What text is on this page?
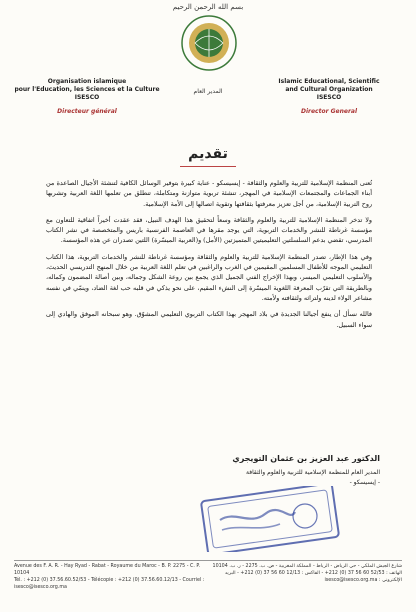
بسم الله الرحمن الرحيم
Organisation islamique
pour l'Education, les Sciences et la Culture
ISESCO
Directeur général
المدير العام
Islamic Educational, Scientific
and Cultural Organization
ISESCO
Director General
تقديم

تُعنى المنظمة الإسلامية للتربية والعلوم والثقافة - إيسيسكو - عناية كبيرة بتوفير الوسائل الكافية لتنشئة الأجيال الصاعدة من أبناء الجماعات والمجتمعات الإسلامية في المهجر، تنشئة تربوية متوازنة ومتكاملة، تنطلق من تعلمها اللغة العربية وتشربها روح التربية الإسلامية، من أجل تعزيز معرفتها بثقافتها وتقوية اتصالها إلى الأمة الإسلامية.

ولا تدخر المنظمة الإسلامية للتربية والعلوم والثقافة وسعاً لتحقيق هذا الهدف النبيل، فقد عقدت أخيراً اتفاقية للتعاون مع مؤسسة غرناطة للنشر والخدمات التربوية، التي يوجد مقرها في العاصمة الفرنسية باريس والمتخصصة في نشر الكتاب المدرسي، تقضي بدعم السلسلتين التعليميتين المتميزتين (الأمل) و(العربية الميسّرة) اللتين تصدران عن هذه المؤسسة.

وفي هذا الإطار، تصدر المنظمة الإسلامية للتربية والعلوم والثقافة ومؤسسة غرناطة للنشر والخدمات التربوية، هذا الكتاب التعليمي الموجه للأطفال المسلمين المقيمين في الغرب والراغبين في تعلم اللغة العربية من خلال المنهج التدريسي الحديث، والأسلوب التعليمي الميسر، وبهذا الإخراج الفني الجميل الذي يجمع بين روعة الشكل وجماله، وبين أصالة المضمون وكماله، وبالطريقة التي تقرّب المعرفة اللغوية الميسّرة إلى النشء المقيم، على نحو يذكي في قلبه حب لغة الضاد، وينمّي في نفسه مشاعر الولاء لدينه ولتراثه ولثقافته ولأمته.

فالله نسأل أن ينفع أجيالنا الجديدة في بلاد المهجر بهذا الكتاب التربوي التعليمي المشوّق. وهو سبحانه الموفق والهادي إلى سواء السبيل.

الدكتور عبد العزيز بن عثمان التويجري
المدير العام للمنظمة الإسلامية للتربية والعلوم والثقافة
- إيسيسكو -
Avenue des F. A. R. - Hay Ryad - Rabat - Royaume du Maroc - B. P. 2275 - C. P. 10104
Tél. : +212 (0) 37.56.60.52/53 - Télécopie : +212 (0) 37.56.60.12/13 - Courriel : isesco@isesco.org.ma
شارع الجيش الملكي - حي الرياض - الرباط - المملكة المغربية - ص. ب. 2275 - ر. ب. 10104
الهاتف : 52/53 60 56 37 (0) 212+ - الفاكس : 12/13 60 56 37 (0) 212+ - البريد الإلكتروني : isesco@isesco.org.ma
